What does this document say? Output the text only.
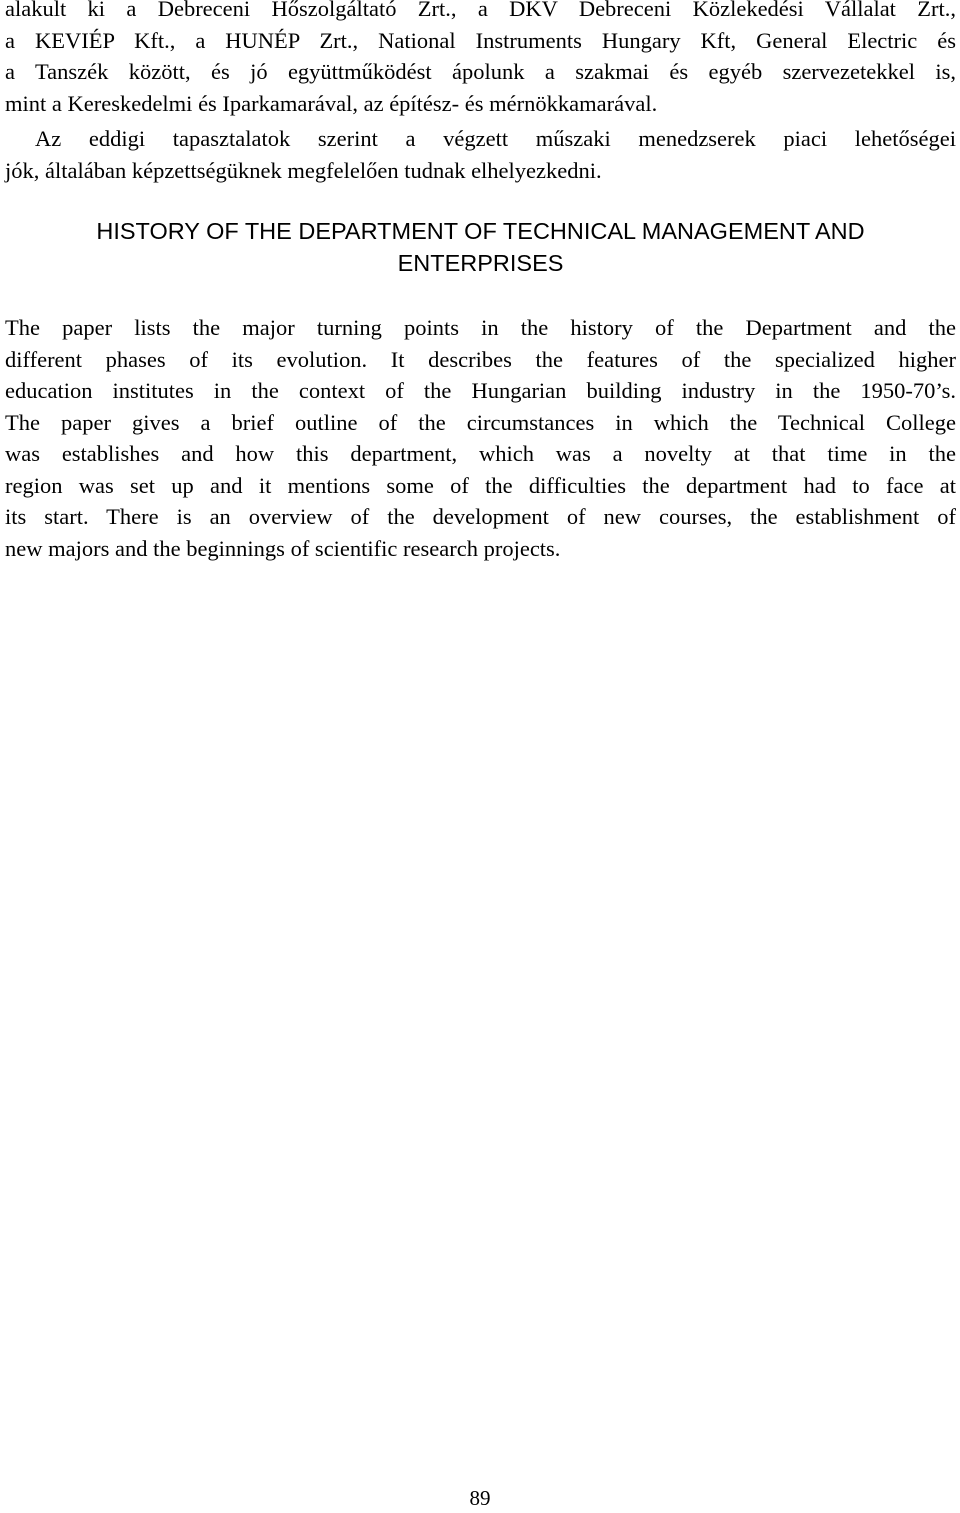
alakult ki a Debreceni Hőszolgáltató Zrt., a DKV Debreceni Közlekedési Vállalat Zrt.,
a KEVIÉP Kft., a HUNÉP Zrt., National Instruments Hungary Kft, General Electric és
a Tanszék között, és jó együttműködést ápolunk a szakmai és egyéb szervezetekkel is,
mint a Kereskedelmi és Iparkamarával, az építész- és mérnökkamarával.
Az eddigi tapasztalatok szerint a végzett műszaki menedzserek piaci lehetőségei
jók, általában képzettségüknek megfelelően tudnak elhelyezkedni.
HISTORY OF THE DEPARTMENT OF TECHNICAL MANAGEMENT AND
ENTERPRISES
The paper lists the major turning points in the history of the Department and the
different phases of its evolution. It describes the features of the specialized higher
education institutes in the context of the Hungarian building industry in the 1950-70’s.
The paper gives a brief outline of the circumstances in which the Technical College
was establishes and how this department, which was a novelty at that time in the
region was set up and it mentions some of the difficulties the department had to face at
its start. There is an overview of the development of new courses, the establishment of
new majors and the beginnings of scientific research projects.
89
